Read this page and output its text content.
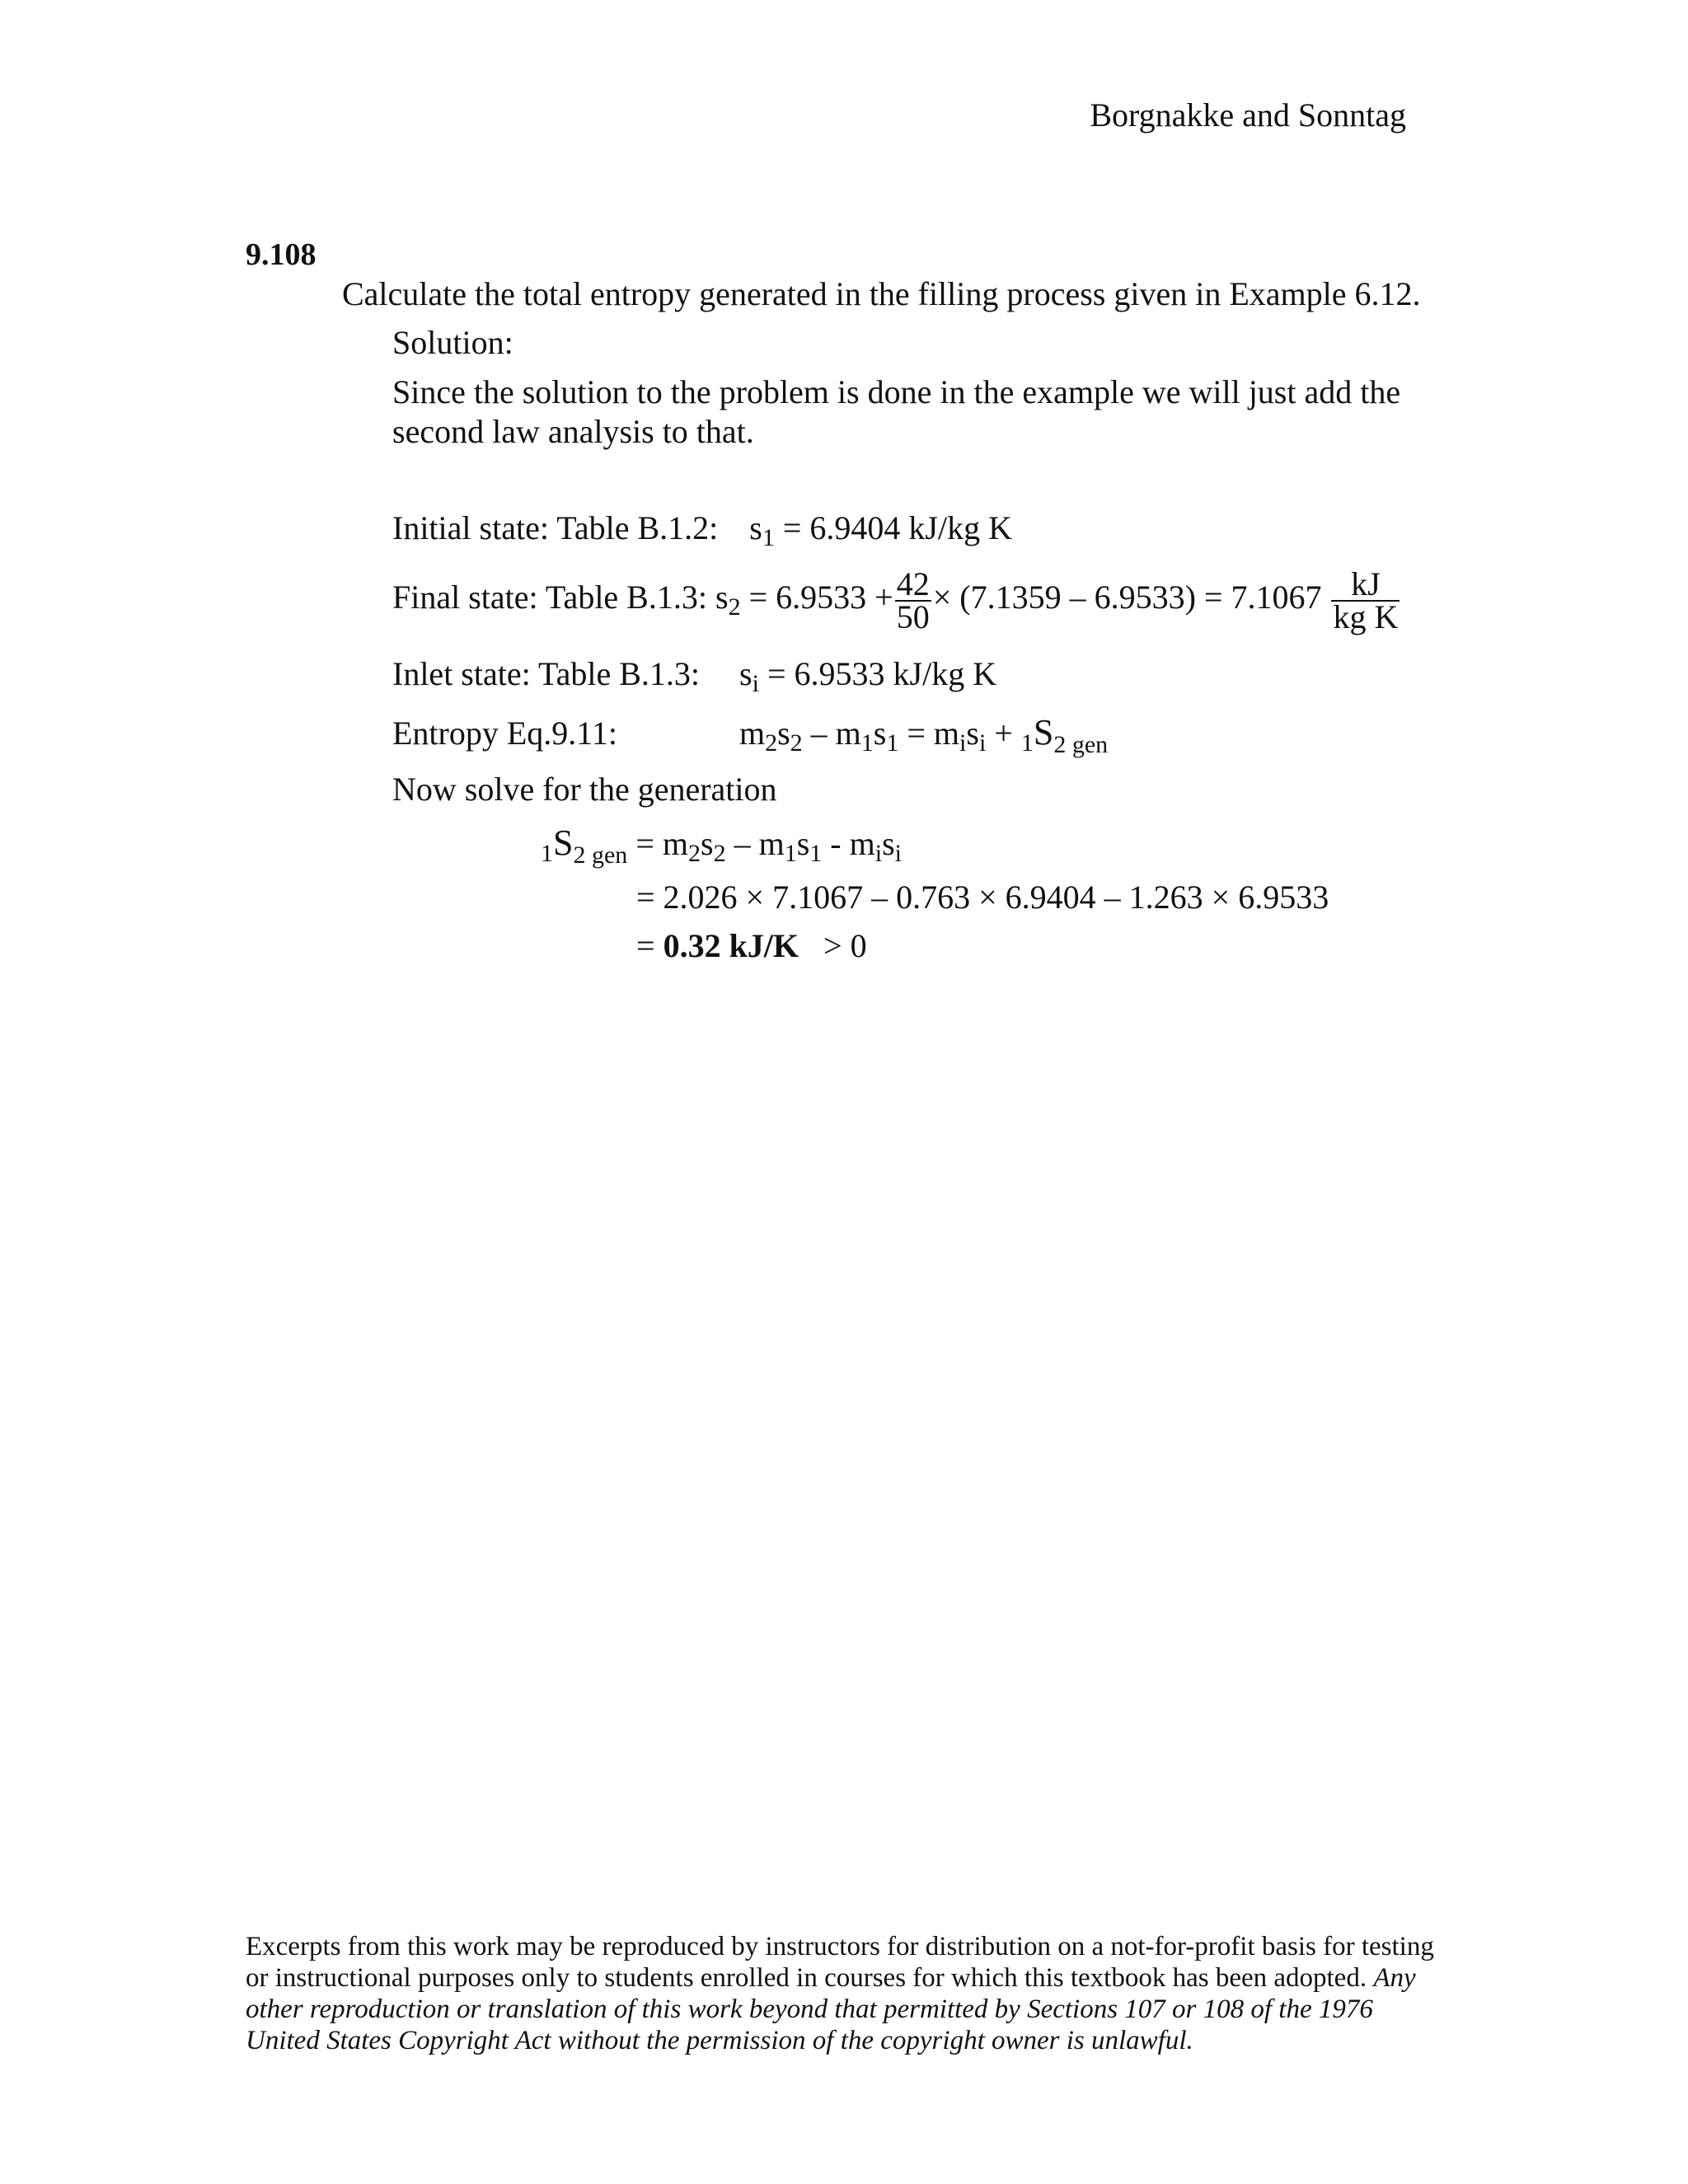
Borgnakke and Sonntag
9.108
Calculate the total entropy generated in the filling process given in Example 6.12.
Solution:
Since the solution to the problem is done in the example we will just add the
second law analysis to that.
Initial state: Table B.1.2: $s_1 = 6.9404$ kJ/kg K
Final state: Table B.1.3: $s_2 = 6.9533 + \frac{42}{50} \times (7.1359 - 6.9533) = 7.1067 \frac{kJ}{\text{kg K}}$
Inlet state: Table B.1.3: $s_i = 6.9533$ kJ/kg K
Entropy Eq.9.11:	$m_2s_2 - m_1s_1 = m_is_i + _1S_{2 gen}$
Now solve for the generation
$_1S_{2 gen} = m_2s_2 - m_1s_1 - m_is_i$
= 2.026 × 7.1067 – 0.763 × 6.9404 – 1.263 × 6.9533
= 0.32 kJ/K   > 0
Excerpts from this work may be reproduced by instructors for distribution on a not-for-profit basis for testing or instructional purposes only to students enrolled in courses for which this textbook has been adopted. Any other reproduction or translation of this work beyond that permitted by Sections 107 or 108 of the 1976 United States Copyright Act without the permission of the copyright owner is unlawful.
